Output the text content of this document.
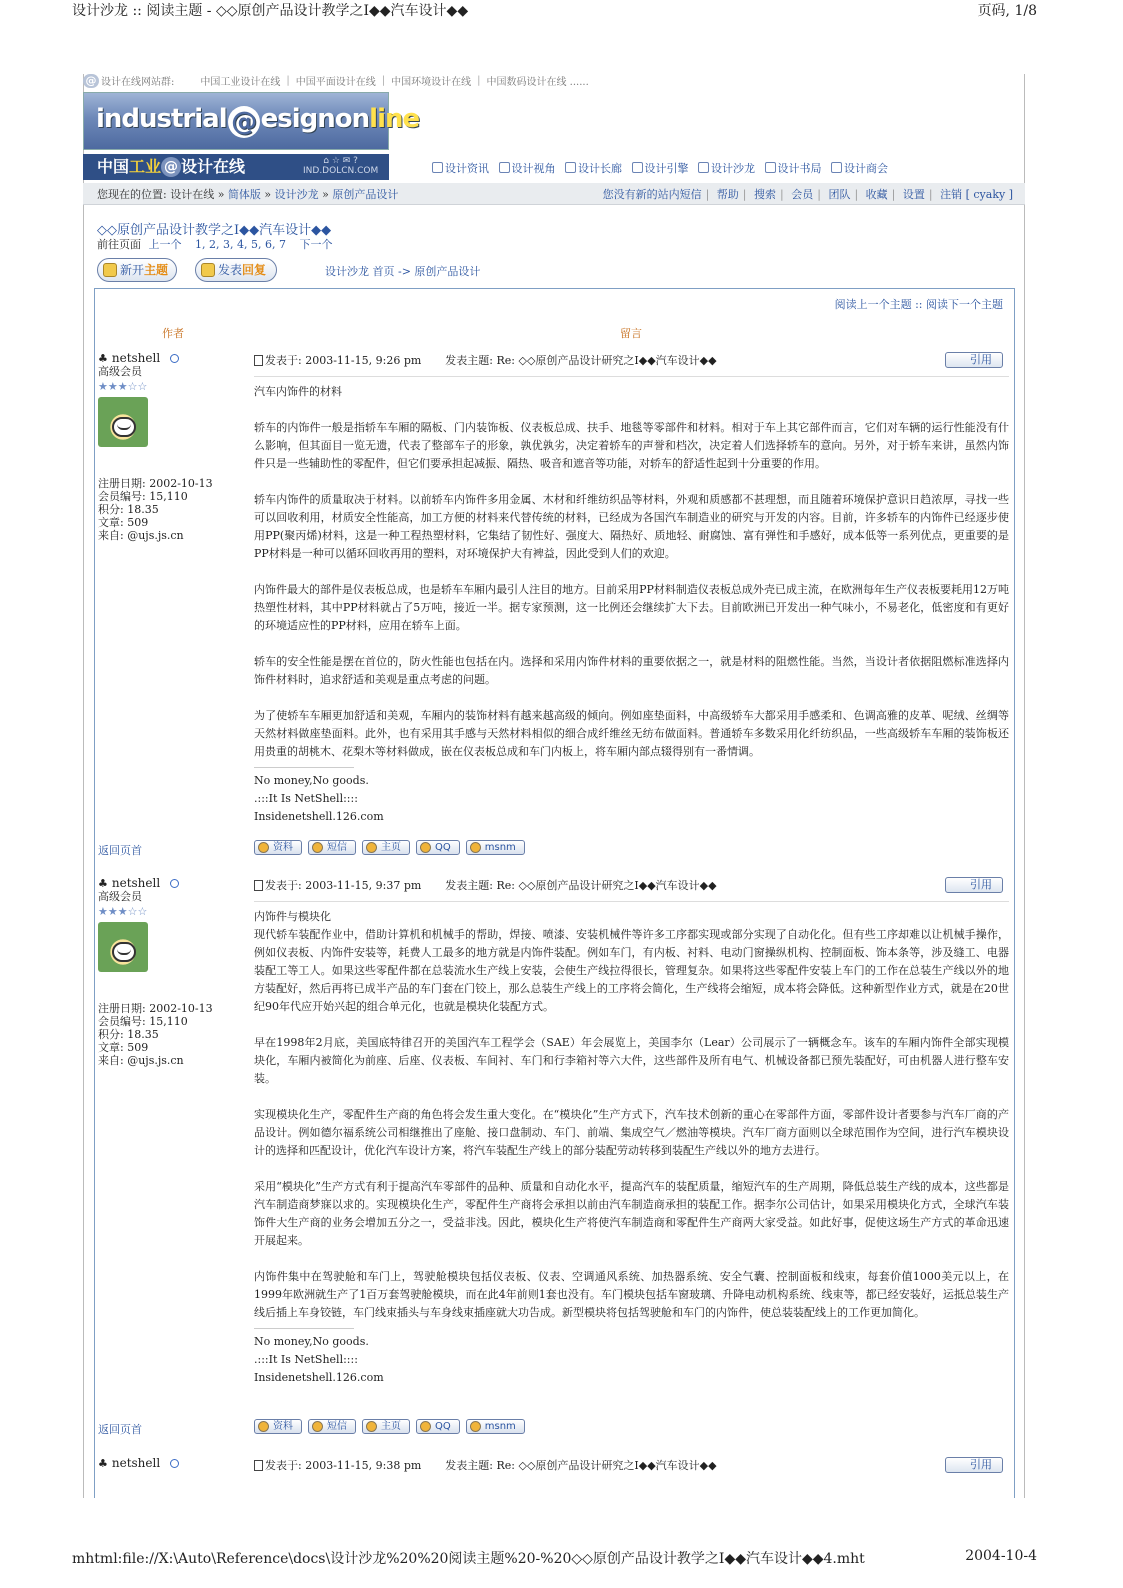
设计沙龙 :: 阅读主题 - ◇◇原创产品设计教学之Ⅰ◆◆汽车设计◆◆	页码, 1/8
@ 设计在线网站群:	中国工业设计在线 | 中国平面设计在线 | 中国环境设计在线 | 中国数码设计在线 ......
industrial @ esignonline
中国工业 @ 设计在线	⌂ ☆ ✉ ?
IND.DOLCN.COM	设计资讯 设计视角 设计长廊 设计引擎 设计沙龙 设计书局 设计商会
您现在的位置: 设计在线 » 简体版 » 设计沙龙 » 原创产品设计	您没有新的站内短信 | 帮助 | 搜索 | 会员 | 团队 | 收藏 | 设置 | 注销 [ cyaky ]
◇◇原创产品设计教学之Ⅰ◆◆汽车设计◆◆
前往页面 上一个 1, 2, 3, 4, 5, 6, 7 下一个
新开主题	发表回复	设计沙龙 首页 -> 原创产品设计
阅读上一个主题 :: 阅读下一个主题
作者	留言
♣ netshell
高级会员
★★★☆☆
注册日期: 2002-10-13
会员编号: 15,110
积分: 18.35
文章: 509
来自: @ujs.js.cn
发表于: 2003-11-15, 9:26 pm 发表主题: Re: ◇◇原创产品设计研究之Ⅰ◆◆汽车设计◆◆	引用
汽车内饰件的材料
轿车的内饰件一般是指轿车车厢的隔板、门内装饰板、仪表板总成、扶手、地毯等零部件和材料。相对于车上其它部件而言，它们对车辆的运行性能没有什么影响，但其面目一览无遗，代表了整部车子的形象，孰优孰劣，决定着轿车的声誉和档次，决定着人们选择轿车的意向。另外，对于轿车来讲，虽然内饰件只是一些辅助性的零配件，但它们要承担起减振、隔热、吸音和遮音等功能，对轿车的舒适性起到十分重要的作用。
轿车内饰件的质量取决于材料。以前轿车内饰件多用金属、木材和纤维纺织品等材料，外观和质感都不甚理想，而且随着环境保护意识日趋浓厚，寻找一些可以回收利用，材质安全性能高，加工方便的材料来代替传统的材料，已经成为各国汽车制造业的研究与开发的内容。目前，许多轿车的内饰件已经逐步使用PP(聚丙烯)材料，这是一种工程热塑材料，它集结了韧性好、强度大、隔热好、质地轻、耐腐蚀、富有弹性和手感好，成本低等一系列优点，更重要的是PP材料是一种可以循环回收再用的塑料，对环境保护大有裨益，因此受到人们的欢迎。
内饰件最大的部件是仪表板总成，也是轿车车厢内最引人注目的地方。目前采用PP材料制造仪表板总成外壳已成主流，在欧洲每年生产仪表板要耗用12万吨热塑性材料，其中PP材料就占了5万吨，接近一半。据专家预测，这一比例还会继续扩大下去。目前欧洲已开发出一种气味小，不易老化，低密度和有更好的环境适应性的PP材料，应用在轿车上面。
轿车的安全性能是摆在首位的，防火性能也包括在内。选择和采用内饰件材料的重要依据之一，就是材料的阻燃性能。当然，当设计者依据阻燃标准选择内饰件材料时，追求舒适和美观是重点考虑的问题。
为了使轿车车厢更加舒适和美观，车厢内的装饰材料有越来越高级的倾向。例如座垫面料，中高级轿车大都采用手感柔和、色调高雅的皮革、呢绒、丝绸等天然材料做座垫面料。此外，也有采用其手感与天然材料相似的细合成纤维丝无纺布做面料。普通轿车多数采用化纤纺织品，一些高级轿车车厢的装饰板还用贵重的胡桃木、花梨木等材料做成，嵌在仪表板总成和车门内板上，将车厢内部点辍得别有一番情调。
No money,No goods.
.:::It Is NetShell::::
Insidenetshell.126.com
返回页首	资料	短信	主页	QQ	msnm
♣ netshell
高级会员
★★★☆☆
注册日期: 2002-10-13
会员编号: 15,110
积分: 18.35
文章: 509
来自: @ujs.js.cn
发表于: 2003-11-15, 9:37 pm 发表主题: Re: ◇◇原创产品设计研究之Ⅰ◆◆汽车设计◆◆	引用
内饰件与模块化
现代轿车装配作业中，借助计算机和机械手的帮助，焊接、喷漆、安装机械件等许多工序都实现或部分实现了自动化化。但有些工序却难以让机械手操作，例如仪表板、内饰件安装等，耗费人工最多的地方就是内饰件装配。例如车门，有内板、衬料、电动门窗操纵机构、控制面板、饰本条等，涉及缝工、电器装配工等工人。如果这些零配件都在总装流水生产线上安装，会使生产线拉得很长，管理复杂。如果将这些零配件安装上车门的工作在总装生产线以外的地方装配好，然后再将已成半产品的车门套在门铰上，那么总装生产线上的工序将会简化，生产线将会缩短，成本将会降低。这种新型作业方式，就是在20世纪90年代应开始兴起的组合单元化，也就是模块化装配方式。
早在1998年2月底，美国底特律召开的美国汽车工程学会（SAE）年会展览上，美国李尔（Lear）公司展示了一辆概念车。该车的车厢内饰件全部实现模块化，车厢内被简化为前座、后座、仪表板、车间衬、车门和行李箱衬等六大件，这些部件及所有电气、机械设备都已预先装配好，可由机器人进行整车安装。
实现模块化生产，零配件生产商的角色将会发生重大变化。在“模块化”生产方式下，汽车技术创新的重心在零部件方面，零部件设计者要参与汽车厂商的产品设计。例如德尔福系统公司相继推出了座舱、接口盘制动、车门、前端、集成空气／燃油等模块。汽车厂商方面则以全球范围作为空间，进行汽车模块设计的选择和匹配设计，优化汽车设计方案，将汽车装配生产线上的部分装配劳动转移到装配生产线以外的地方去进行。
采用“模块化”生产方式有利于提高汽车零部件的品种、质量和自动化水平，提高汽车的装配质量，缩短汽车的生产周期，降低总装生产线的成本，这些都是汽车制造商梦寐以求的。实现模块化生产，零配件生产商将会承担以前由汽车制造商承担的装配工作。据李尔公司估计，如果采用模块化方式，全球汽车装饰件大生产商的业务会增加五分之一，受益非浅。因此，模块化生产将使汽车制造商和零配件生产商两大家受益。如此好事，促使这场生产方式的革命迅速开展起来。
内饰件集中在驾驶舱和车门上，驾驶舱模块包括仪表板、仪表、空调通风系统、加热器系统、安全气囊、控制面板和线束，每套价值1000美元以上，在1999年欧洲就生产了1百万套驾驶舱模块，而在此4年前则1套也没有。车门模块包括车窗玻璃、升降电动机构系统、线束等，都已经安装好，运抵总装生产线后插上车身铰链，车门线束插头与车身线束插座就大功告成。新型模块将包括驾驶舱和车门的内饰件，使总装装配线上的工作更加简化。
No money,No goods.
.:::It Is NetShell::::
Insidenetshell.126.com
返回页首	资料	短信	主页	QQ	msnm
♣ netshell	发表于: 2003-11-15, 9:38 pm 发表主题: Re: ◇◇原创产品设计研究之Ⅰ◆◆汽车设计◆◆	引用
mhtml:file://X:\Auto\Reference\docs\设计沙龙%20%20阅读主题%20-%20◇◇原创产品设计教学之Ⅰ◆◆汽车设计◆◆4.mht	2004-10-4
